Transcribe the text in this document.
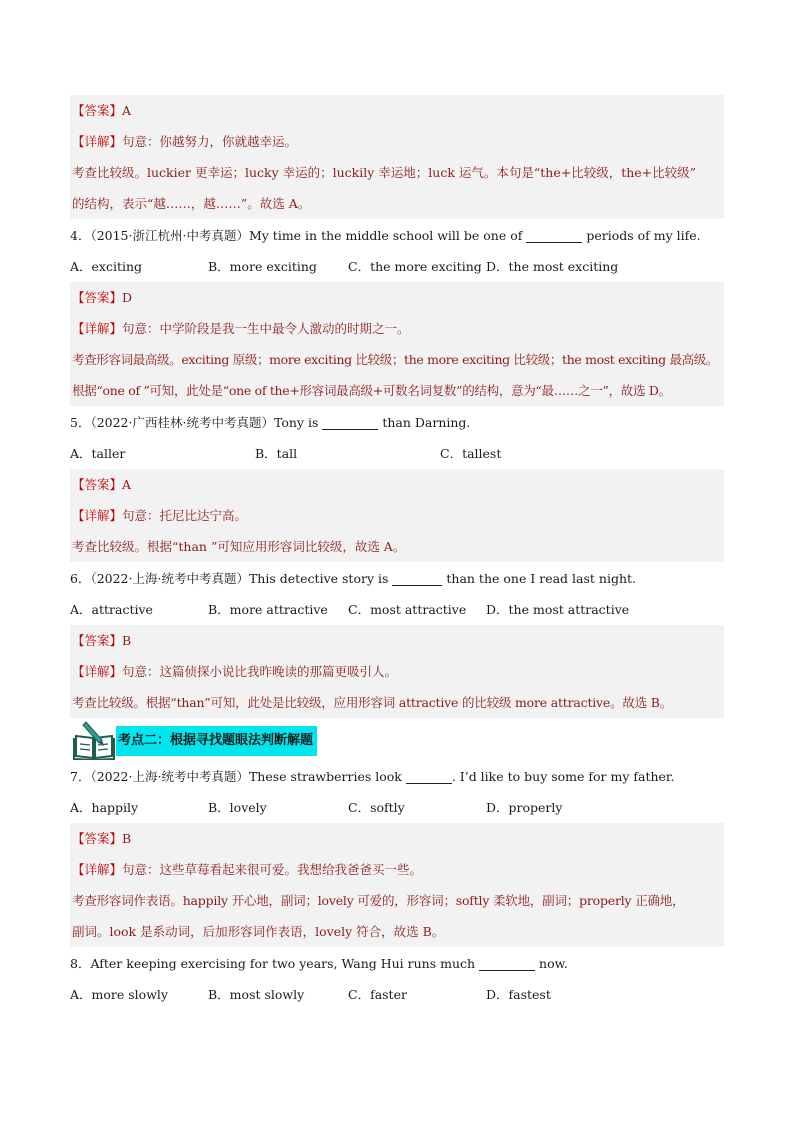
【答案】A
【详解】句意：你越努力，你就越幸运。
考查比较级。luckier 更幸运；lucky 幸运的；luckily 幸运地；luck 运气。本句是“the+比较级，the+比较级”
的结构，表示“越……，越……”。故选 A。
4．（2015·浙江杭州·中考真题）My time in the middle school will be one of	periods of my life.
A．exciting	B．more exciting C．the more exciting D．the most exciting
【答案】D
【详解】句意：中学阶段是我一生中最令人激动的时期之一。
考查形容词最高级。exciting 原级；more exciting 比较级；the more exciting 比较级；the most exciting 最高级。
根据“one of ”可知，此处是“one of the+形容词最高级+可数名词复数”的结构，意为“最……之一”，故选 D。
5．（2022·广西桂林·统考中考真题）Tony is	than Darning.
A．taller	B．tall	C．tallest
【答案】A
【详解】句意：托尼比达宁高。
考查比较级。根据“than ”可知应用形容词比较级，故选 A。
6．（2022·上海·统考中考真题）This detective story is	than the one I read last night.
A．attractive	B．more attractive C．most attractive D．the most attractive
【答案】B
【详解】句意：这篇侦探小说比我昨晚读的那篇更吸引人。
考查比较级。根据“than”可知，此处是比较级，应用形容词 attractive 的比较级 more attractive。故选 B。
考点二：根据寻找题眼法判断解题
7．（2022·上海·统考中考真题）These strawberries look	. I’d like to buy some for my father.
A．happily	B．lovely	C．softly	D．properly
【答案】B
【详解】句意：这些草莓看起来很可爱。我想给我爸爸买一些。
考查形容词作表语。happily 开心地，副词；lovely 可爱的，形容词；softly 柔软地，副词；properly 正确地，
副词。look 是系动词，后加形容词作表语，lovely 符合，故选 B。
8．After keeping exercising for two years, Wang Hui runs much	now.
A．more slowly	B．most slowly	C．faster	D．fastest
